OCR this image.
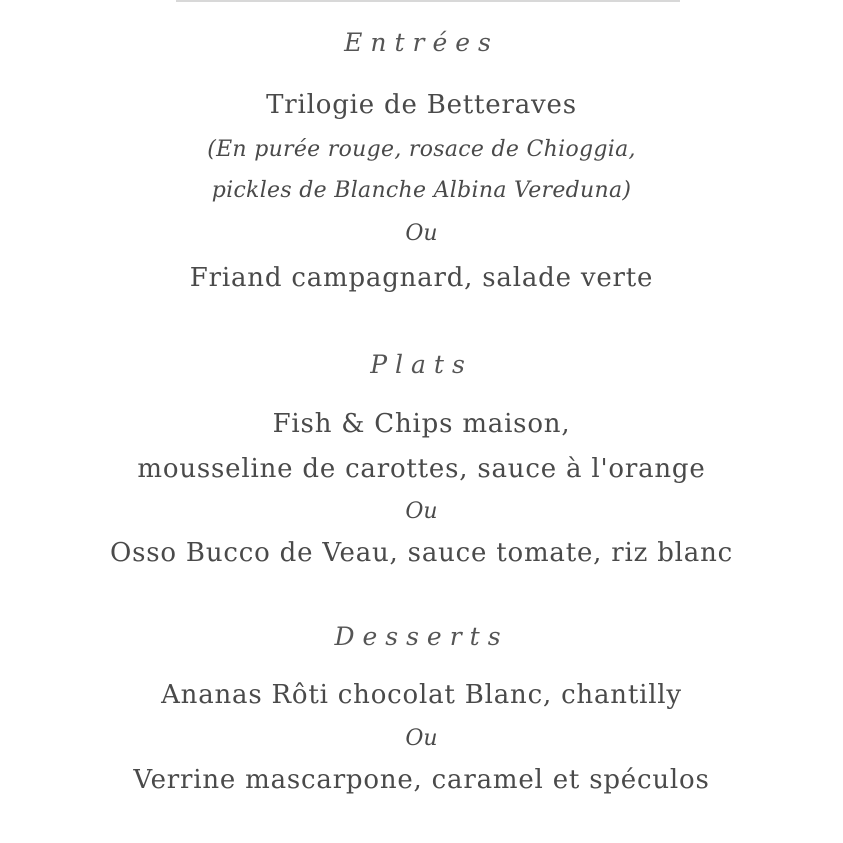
Entrées
Trilogie de Betteraves
(En purée rouge, rosace de Chioggia,
pickles de Blanche Albina Vereduna)
Ou
Friand campagnard, salade verte
Plats
Fish & Chips maison,
mousseline de carottes, sauce à l'orange
Ou
Osso Bucco de Veau, sauce tomate, riz blanc
Desserts
Ananas Rôti chocolat Blanc, chantilly
Ou
Verrine mascarpone, caramel et spéculos
